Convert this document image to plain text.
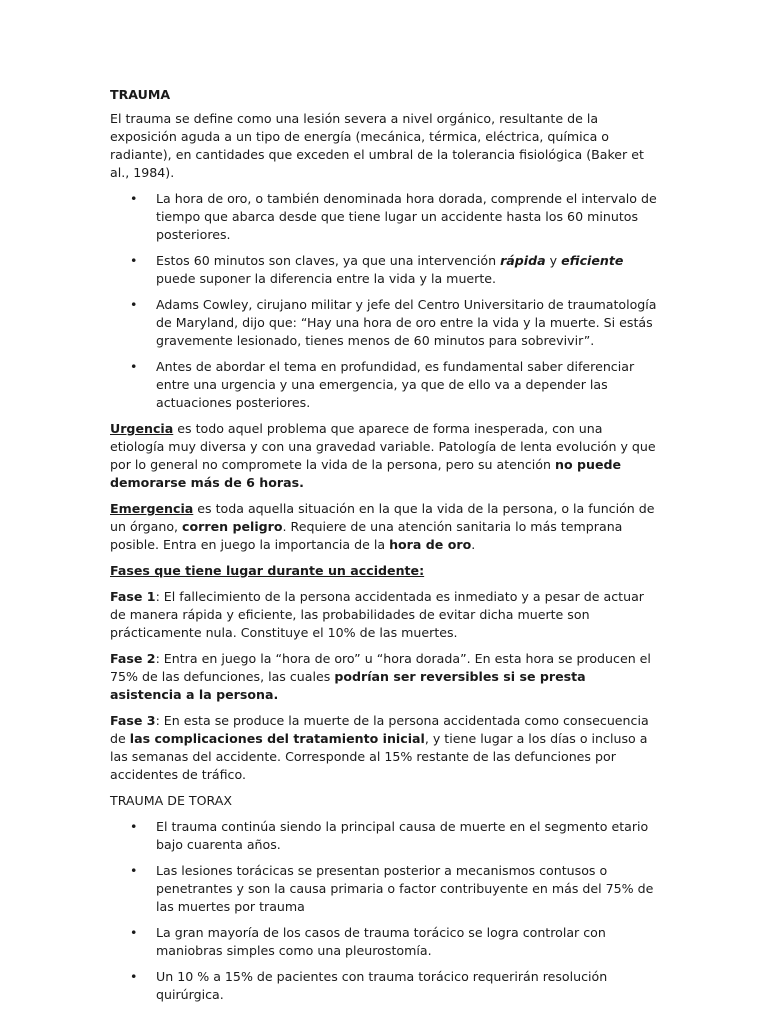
TRAUMA

El trauma se define como una lesión severa a nivel orgánico, resultante de la exposición aguda a un tipo de energía (mecánica, térmica, eléctrica, química o radiante), en cantidades que exceden el umbral de la tolerancia fisiológica (Baker et al., 1984).

• La hora de oro, o también denominada hora dorada, comprende el intervalo de tiempo que abarca desde que tiene lugar un accidente hasta los 60 minutos posteriores.
• Estos 60 minutos son claves, ya que una intervención rápida y eficiente puede suponer la diferencia entre la vida y la muerte.
• Adams Cowley, cirujano militar y jefe del Centro Universitario de traumatología de Maryland, dijo que: “Hay una hora de oro entre la vida y la muerte. Si estás gravemente lesionado, tienes menos de 60 minutos para sobrevivir”.
• Antes de abordar el tema en profundidad, es fundamental saber diferenciar entre una urgencia y una emergencia, ya que de ello va a depender las actuaciones posteriores.

Urgencia es todo aquel problema que aparece de forma inesperada, con una etiología muy diversa y con una gravedad variable. Patología de lenta evolución y que por lo general no compromete la vida de la persona, pero su atención no puede demorarse más de 6 horas.

Emergencia es toda aquella situación en la que la vida de la persona, o la función de un órgano, corren peligro. Requiere de una atención sanitaria lo más temprana posible. Entra en juego la importancia de la hora de oro.

Fases que tiene lugar durante un accidente:

Fase 1: El fallecimiento de la persona accidentada es inmediato y a pesar de actuar de manera rápida y eficiente, las probabilidades de evitar dicha muerte son prácticamente nula. Constituye el 10% de las muertes.

Fase 2: Entra en juego la “hora de oro” u “hora dorada”. En esta hora se producen el 75% de las defunciones, las cuales podrían ser reversibles si se presta asistencia a la persona.

Fase 3: En esta se produce la muerte de la persona accidentada como consecuencia de las complicaciones del tratamiento inicial, y tiene lugar a los días o incluso a las semanas del accidente. Corresponde al 15% restante de las defunciones por accidentes de tráfico.

TRAUMA DE TORAX

• El trauma continúa siendo la principal causa de muerte en el segmento etario bajo cuarenta años.
• Las lesiones torácicas se presentan posterior a mecanismos contusos o penetrantes y son la causa primaria o factor contribuyente en más del 75% de las muertes por trauma
• La gran mayoría de los casos de trauma torácico se logra controlar con maniobras simples como una pleurostomía.
• Un 10 % a 15% de pacientes con trauma torácico requerirán resolución quirúrgica.
